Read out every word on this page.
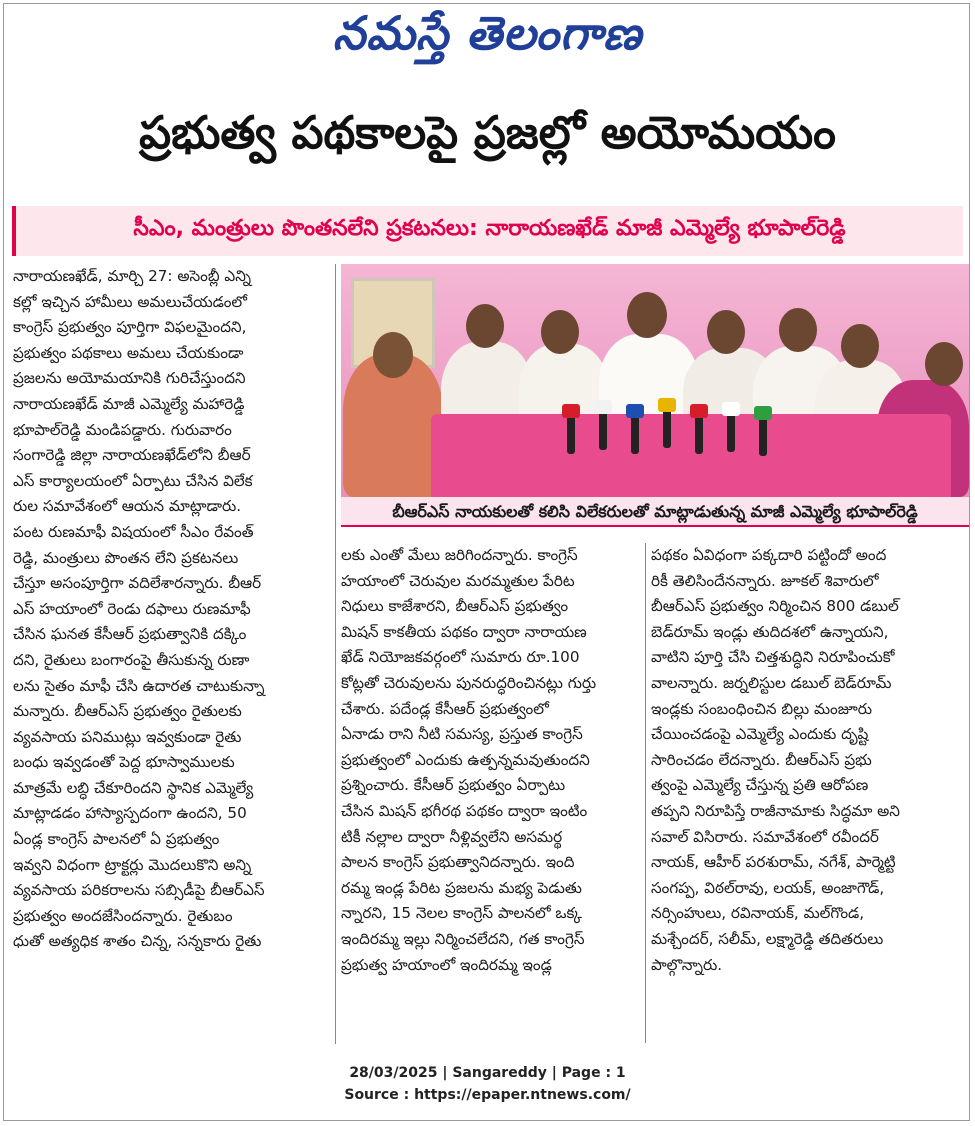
నమస్తే తెలంగాణ
ప్రభుత్వ పథకాలపై ప్రజల్లో అయోమయం
సీఎం, మంత్రులు పొంతనలేని ప్రకటనలు: నారాయణఖేడ్ మాజీ ఎమ్మెల్యే భూపాల్‌రెడ్డి
నారాయణఖేడ్, మార్చి 27: అసెంబ్లీ ఎన్ని
కల్లో ఇచ్చిన హామీలు అమలుచేయడంలో
కాంగ్రెస్ ప్రభుత్వం పూర్తిగా విఫలమైందని,
ప్రభుత్వం పథకాలు అమలు చేయకుండా
ప్రజలను అయోమయానికి గురిచేస్తుందని
నారాయణఖేడ్ మాజీ ఎమ్మెల్యే మహారెడ్డి
భూపాల్‌రెడ్డి మండిపడ్డారు. గురువారం
సంగారెడ్డి జిల్లా నారాయణఖేడ్‌లోని బీఆర్
ఎస్ కార్యాలయంలో ఏర్పాటు చేసిన విలేక
రుల సమావేశంలో ఆయన మాట్లాడారు.
పంట రుణమాఫీ విషయంలో సీఎం రేవంత్
రెడ్డి, మంత్రులు పొంతన లేని ప్రకటనలు
చేస్తూ అసంపూర్తిగా వదిలేశారన్నారు. బీఆర్
ఎస్ హయాంలో రెండు దఫాలు రుణమాఫీ
చేసిన ఘనత కేసీఆర్ ప్రభుత్వానికి దక్కిం
దని, రైతులు బంగారంపై తీసుకున్న రుణా
లను సైతం మాఫీ చేసి ఉదారత చాటుకున్నా
మన్నారు. బీఆర్‌ఎస్ ప్రభుత్వం రైతులకు
వ్యవసాయ పనిముట్లు ఇవ్వకుండా రైతు
బంధు ఇవ్వడంతో పెద్ద భూస్వాములకు
మాత్రమే లబ్ధి చేకూరిందని స్థానిక ఎమ్మెల్యే
మాట్లాడడం హాస్యాస్పదంగా ఉందని, 50
ఏండ్ల కాంగ్రెస్ పాలనలో ఏ ప్రభుత్వం
ఇవ్వని విధంగా ట్రాక్టర్లు మొదలుకొని అన్ని
వ్యవసాయ పరికరాలను సబ్సిడీపై బీఆర్‌ఎస్
ప్రభుత్వం అందజేసిందన్నారు. రైతుబం
ధుతో అత్యధిక శాతం చిన్న, సన్నకారు రైతు
బీఆర్‌ఎస్ నాయకులతో కలిసి విలేకరులతో మాట్లాడుతున్న మాజీ ఎమ్మెల్యే భూపాల్‌రెడ్డి
లకు ఎంతో మేలు జరిగిందన్నారు. కాంగ్రెస్
హయాంలో చెరువుల మరమ్మతుల పేరిట
నిధులు కాజేశారని, బీఆర్‌ఎస్ ప్రభుత్వం
మిషన్ కాకతీయ పథకం ద్వారా నారాయణ
ఖేడ్ నియోజకవర్గంలో సుమారు రూ.100
కోట్లతో చెరువులను పునరుద్ధరించినట్లు గుర్తు
చేశారు. పదేండ్ల కేసీఆర్ ప్రభుత్వంలో
ఏనాడు రాని నీటి సమస్య, ప్రస్తుత కాంగ్రెస్
ప్రభుత్వంలో ఎందుకు ఉత్పన్నమవుతుందని
ప్రశ్నించారు. కేసీఆర్ ప్రభుత్వం ఏర్పాటు
చేసిన మిషన్ భగీరథ పథకం ద్వారా ఇంటిం
టికీ నల్లాల ద్వారా నీళ్లివ్వలేని అసమర్థ
పాలన కాంగ్రెస్ ప్రభుత్వానిదన్నారు. ఇంది
రమ్మ ఇండ్ల పేరిట ప్రజలను మభ్య పెడుతు
న్నారని, 15 నెలల కాంగ్రెస్ పాలనలో ఒక్క
ఇందిరమ్మ ఇల్లు నిర్మించలేదని, గత కాంగ్రెస్
ప్రభుత్వ హయాంలో ఇందిరమ్మ ఇండ్ల
పథకం ఏవిధంగా పక్కదారి పట్టిందో అంద
రికీ తెలిసిందేనన్నారు. జూకల్ శివారులో
బీఆర్‌ఎస్ ప్రభుత్వం నిర్మించిన 800 డబుల్
బెడ్‌రూమ్ ఇండ్లు తుదిదశలో ఉన్నాయని,
వాటిని పూర్తి చేసి చిత్తశుద్ధిని నిరూపించుకో
వాలన్నారు. జర్నలిస్టుల డబుల్ బెడ్‌రూమ్
ఇండ్లకు సంబంధించిన బిల్లు మంజూరు
చేయించడంపై ఎమ్మెల్యే ఎందుకు దృష్టి
సారించడం లేదన్నారు. బీఆర్‌ఎస్ ప్రభు
త్వంపై ఎమ్మెల్యే చేస్తున్న ప్రతి ఆరోపణ
తప్పని నిరూపిస్తే రాజీనామాకు సిద్ధమా అని
సవాల్ విసిరారు. సమావేశంలో రవీందర్
నాయక్, ఆహీర్ పరశురామ్, నగేశ్, పార్మెట్టి
సంగప్ప, విఠల్‌రావు, లయక్, అంజాగౌడ్,
నర్సింహులు, రవినాయక్, మల్‌గొండ,
మశ్చేందర్, సలీమ్, లక్ష్మారెడ్డి తదితరులు
పాల్గొన్నారు.
28/03/2025 | Sangareddy | Page : 1
Source : https://epaper.ntnews.com/
